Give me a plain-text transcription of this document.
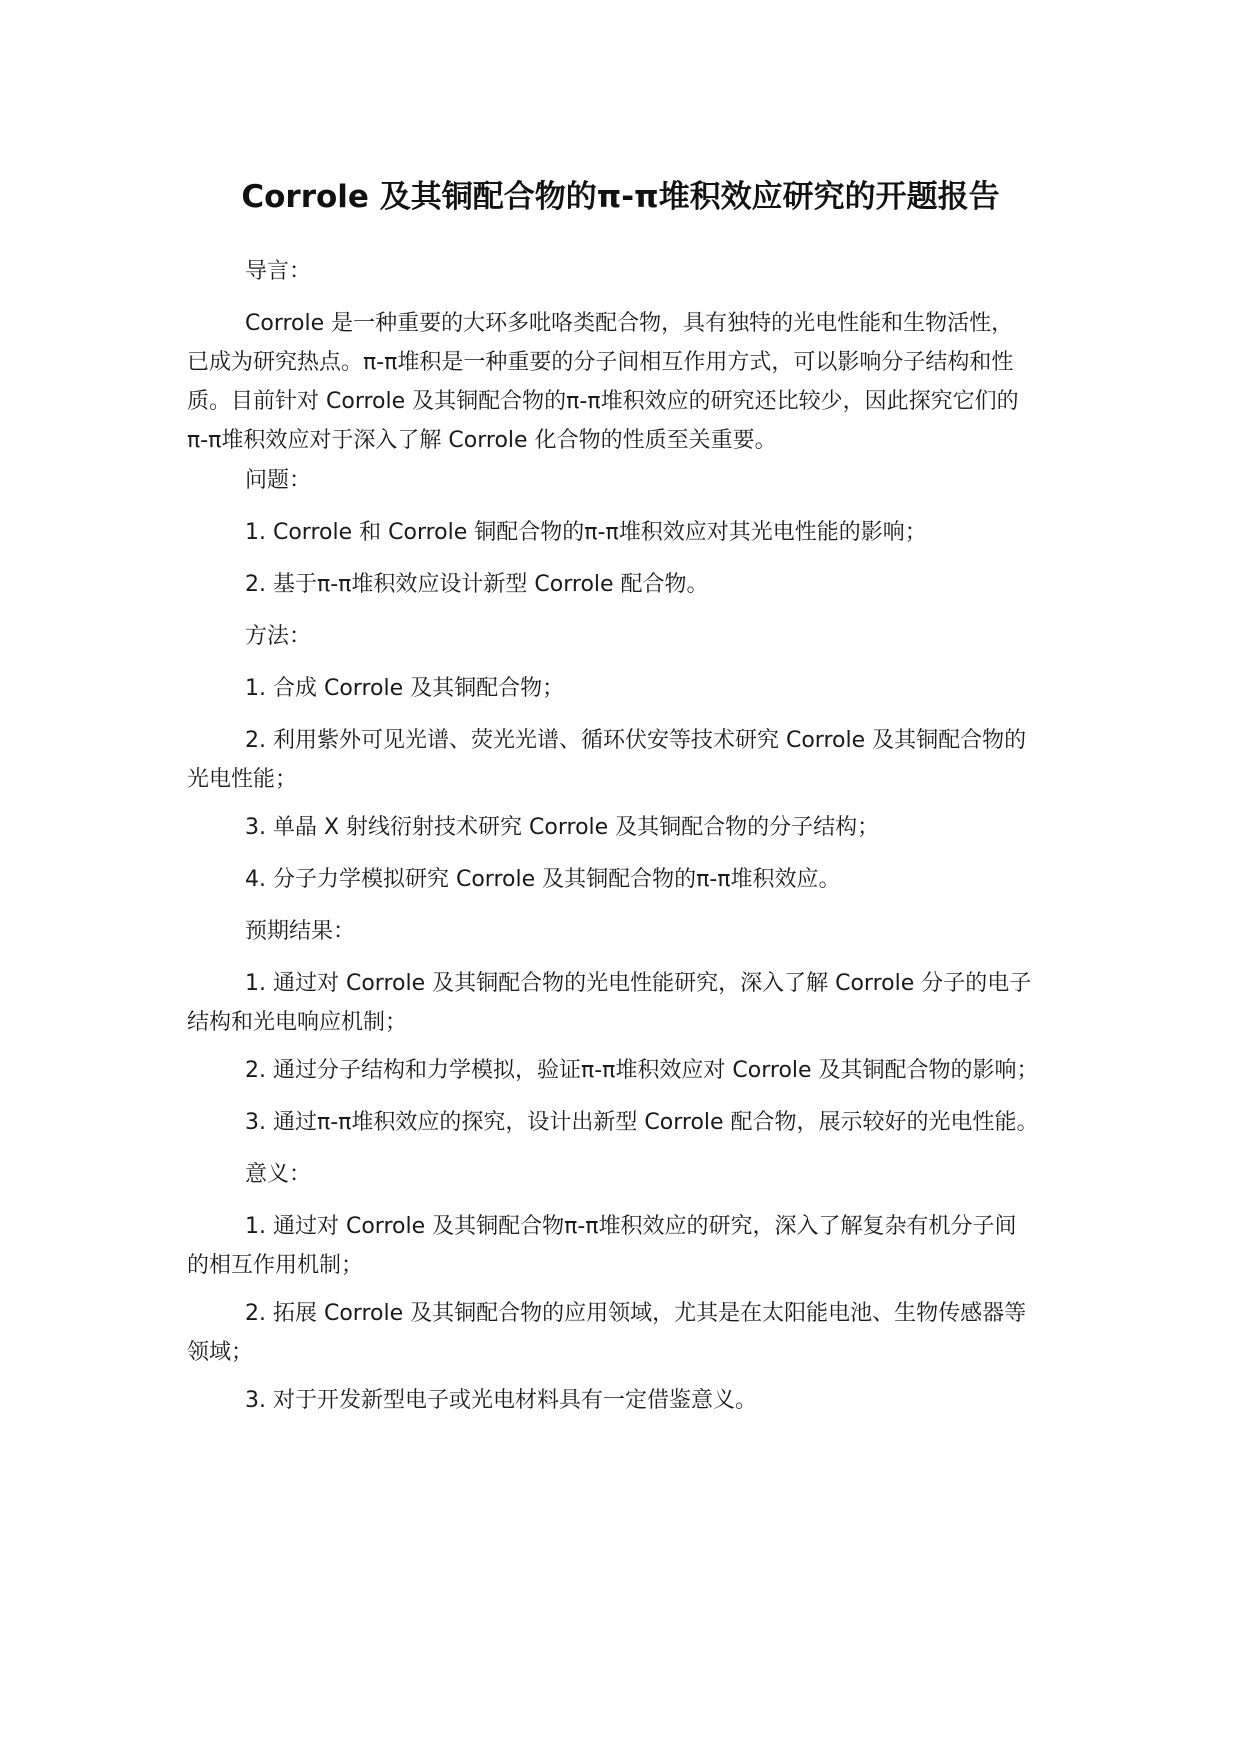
Corrole 及其铜配合物的π-π堆积效应研究的开题报告

导言：

Corrole 是一种重要的大环多吡咯类配合物，具有独特的光电性能和生物活性，
已成为研究热点。π-π堆积是一种重要的分子间相互作用方式，可以影响分子结构和性
质。目前针对 Corrole 及其铜配合物的π-π堆积效应的研究还比较少，因此探究它们的
π-π堆积效应对于深入了解 Corrole 化合物的性质至关重要。

问题：

1. Corrole 和 Corrole 铜配合物的π-π堆积效应对其光电性能的影响；

2. 基于π-π堆积效应设计新型 Corrole 配合物。

方法：

1. 合成 Corrole 及其铜配合物；

2. 利用紫外可见光谱、荧光光谱、循环伏安等技术研究 Corrole 及其铜配合物的
光电性能；

3. 单晶 X 射线衍射技术研究 Corrole 及其铜配合物的分子结构；

4. 分子力学模拟研究 Corrole 及其铜配合物的π-π堆积效应。

预期结果：

1. 通过对 Corrole 及其铜配合物的光电性能研究，深入了解 Corrole 分子的电子
结构和光电响应机制；

2. 通过分子结构和力学模拟，验证π-π堆积效应对 Corrole 及其铜配合物的影响；

3. 通过π-π堆积效应的探究，设计出新型 Corrole 配合物，展示较好的光电性能。

意义：

1. 通过对 Corrole 及其铜配合物π-π堆积效应的研究，深入了解复杂有机分子间
的相互作用机制；

2. 拓展 Corrole 及其铜配合物的应用领域，尤其是在太阳能电池、生物传感器等
领域；

3. 对于开发新型电子或光电材料具有一定借鉴意义。
